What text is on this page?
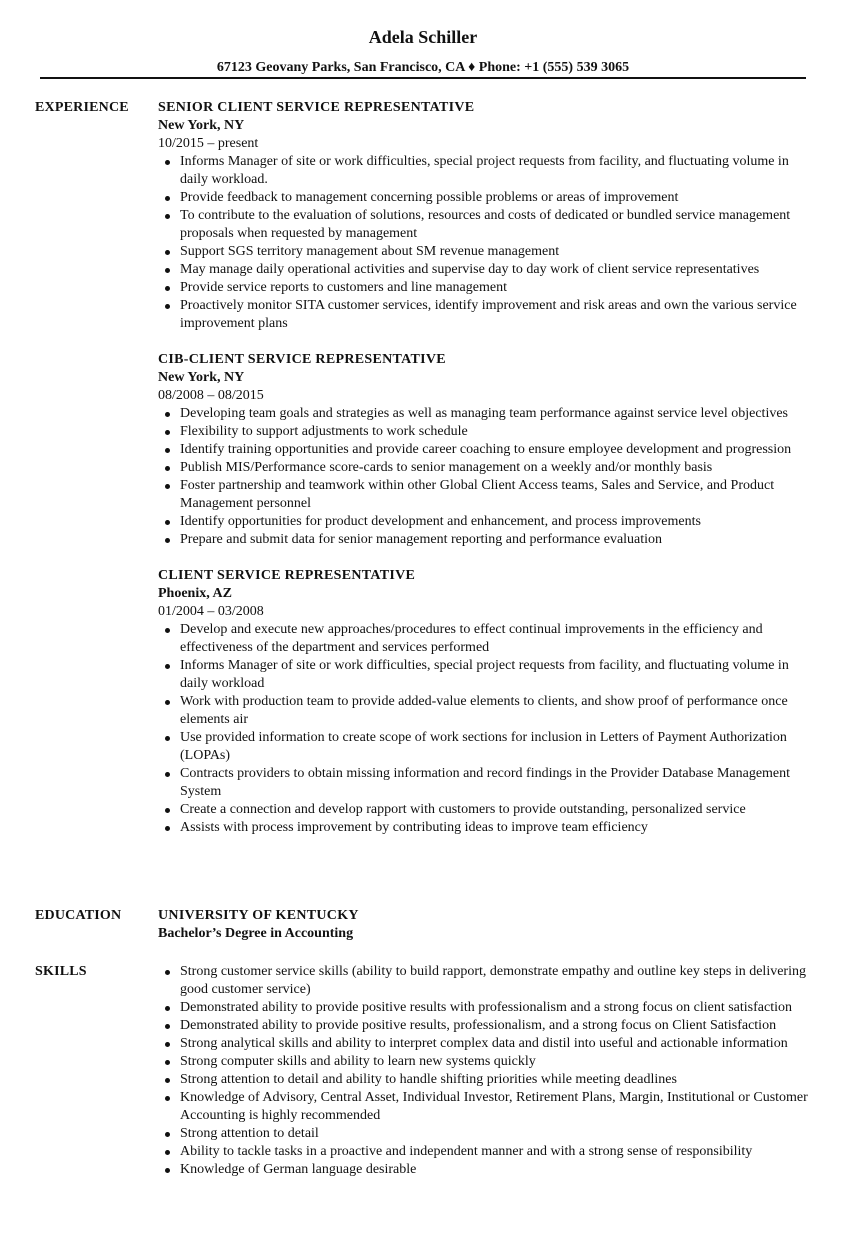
Adela Schiller
67123 Geovany Parks, San Francisco, CA ♦ Phone: +1 (555) 539 3065
EXPERIENCE SENIOR CLIENT SERVICE REPRESENTATIVE
New York, NY
10/2015 – present
Informs Manager of site or work difficulties, special project requests from facility, and fluctuating volume in daily workload.
Provide feedback to management concerning possible problems or areas of improvement
To contribute to the evaluation of solutions, resources and costs of dedicated or bundled service management proposals when requested by management
Support SGS territory management about SM revenue management
May manage daily operational activities and supervise day to day work of client service representatives
Provide service reports to customers and line management
Proactively monitor SITA customer services, identify improvement and risk areas and own the various service improvement plans
CIB-CLIENT SERVICE REPRESENTATIVE
New York, NY
08/2008 – 08/2015
Developing team goals and strategies as well as managing team performance against service level objectives
Flexibility to support adjustments to work schedule
Identify training opportunities and provide career coaching to ensure employee development and progression
Publish MIS/Performance score-cards to senior management on a weekly and/or monthly basis
Foster partnership and teamwork within other Global Client Access teams, Sales and Service, and Product Management personnel
Identify opportunities for product development and enhancement, and process improvements
Prepare and submit data for senior management reporting and performance evaluation
CLIENT SERVICE REPRESENTATIVE
Phoenix, AZ
01/2004 – 03/2008
Develop and execute new approaches/procedures to effect continual improvements in the efficiency and effectiveness of the department and services performed
Informs Manager of site or work difficulties, special project requests from facility, and fluctuating volume in daily workload
Work with production team to provide added-value elements to clients, and show proof of performance once elements air
Use provided information to create scope of work sections for inclusion in Letters of Payment Authorization (LOPAs)
Contracts providers to obtain missing information and record findings in the Provider Database Management System
Create a connection and develop rapport with customers to provide outstanding, personalized service
Assists with process improvement by contributing ideas to improve team efficiency
EDUCATION	UNIVERSITY OF KENTUCKY
Bachelor’s Degree in Accounting
SKILLS	Strong customer service skills (ability to build rapport, demonstrate empathy and outline key steps in delivering good customer service)
Demonstrated ability to provide positive results with professionalism and a strong focus on client satisfaction
Demonstrated ability to provide positive results, professionalism, and a strong focus on Client Satisfaction
Strong analytical skills and ability to interpret complex data and distil into useful and actionable information
Strong computer skills and ability to learn new systems quickly
Strong attention to detail and ability to handle shifting priorities while meeting deadlines
Knowledge of Advisory, Central Asset, Individual Investor, Retirement Plans, Margin, Institutional or Customer Accounting is highly recommended
Strong attention to detail
Ability to tackle tasks in a proactive and independent manner and with a strong sense of responsibility
Knowledge of German language desirable
